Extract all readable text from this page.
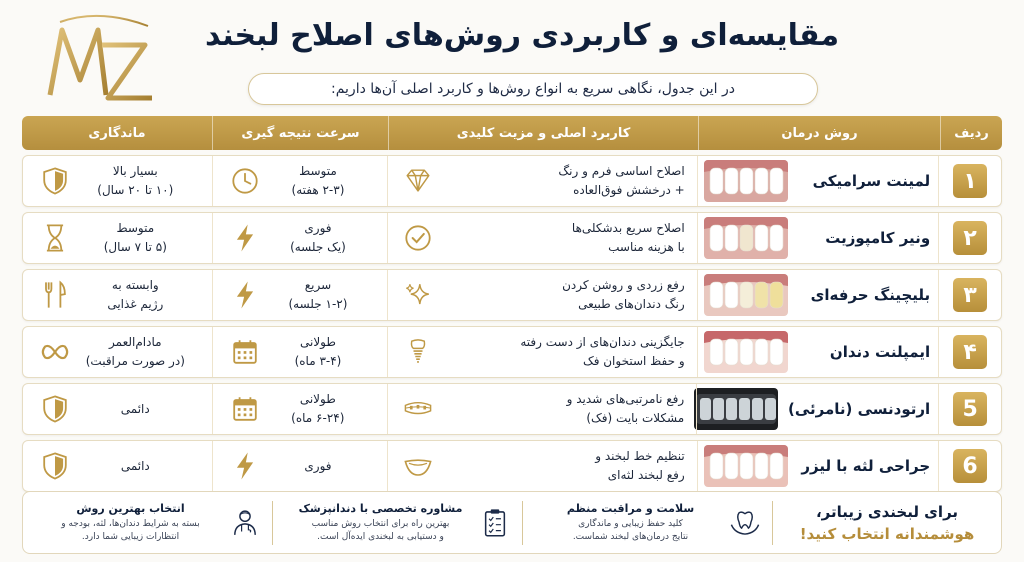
مقایسه‌ای و کاربردی روش‌های اصلاح لبخند
در این جدول، نگاهی سریع به انواع روش‌ها و کاربرد اصلی آن‌ها داریم:
ردیف
روش درمان
کاربرد اصلی و مزیت کلیدی
سرعت نتیجه گیری
ماندگاری
۱
لمینت سرامیکی
اصلاح اساسی فرم و رنگ
+ درخشش فوق‌العاده
متوسط
(۲-۳ هفته)
بسیار بالا
(۱۰ تا ۲۰ سال)
۲
ونیر کامپوزیت
اصلاح سریع بدشکلی‌ها
با هزینه مناسب
فوری
(یک جلسه)
متوسط
(۵ تا ۷ سال)
۳
بلیچینگ حرفه‌ای
رفع زردی و روشن کردن
رنگ دندان‌های طبیعی
سریع
(۱-۲ جلسه)
وابسته به
رژیم غذایی
۴
ایمپلنت دندان
جایگزینی دندان‌های از دست رفته
و حفظ استخوان فک
طولانی
(۳-۴ ماه)
مادام‌العمر
(در صورت مراقبت)
5
ارتودنسی (نامرئی)
رفع نامرتبی‌های شدید و
مشکلات بایت (فک)
طولانی
(۶-۲۴ ماه)
دائمی
6
جراحی لثه با لیزر
تنظیم خط لبخند و
رفع لبخند لثه‌ای
فوری
دائمی
برای لبخندی زیباتر،
هوشمندانه انتخاب کنید!
سلامت و مراقبت منظم
کلید حفظ زیبایی و ماندگاری
نتایج درمان‌های لبخند شماست.
مشاوره تخصصی با دندانپزشک
بهترین راه برای انتخاب روش مناسب
و دستیابی به لبخندی ایده‌آل است.
انتخاب بهترین روش
بسته به شرایط دندان‌ها، لثه، بودجه و
انتظارات زیبایی شما دارد.
